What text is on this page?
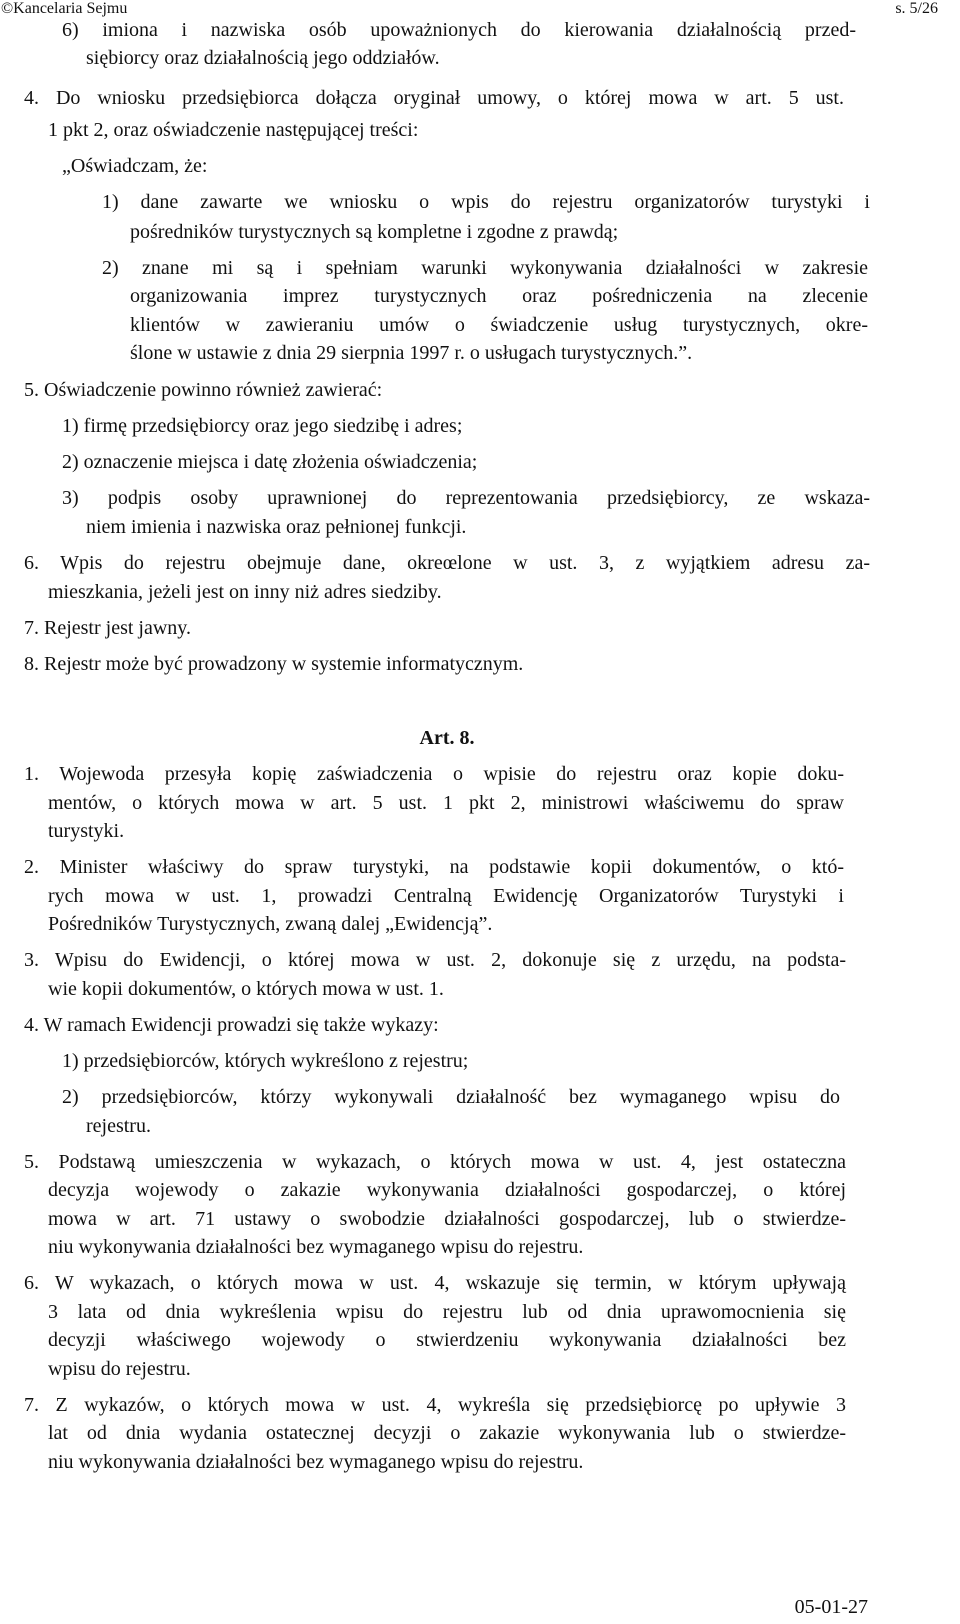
©Kancelaria Sejmu	s. 5/26
6) imiona i nazwiska osób upoważnionych do kierowania działalnością przed-
siębiorcy oraz działalnością jego oddziałów.
4. Do wniosku przedsiębiorca dołącza oryginał umowy, o której mowa w art. 5 ust.
1 pkt 2, oraz oświadczenie następującej treści:
„Oświadczam, że:
1) dane zawarte we wniosku o wpis do rejestru organizatorów turystyki i
pośredników turystycznych są kompletne i zgodne z prawdą;
2) znane mi są i spełniam warunki wykonywania działalności w zakresie
organizowania imprez turystycznych oraz pośredniczenia na zlecenie
klientów w zawieraniu umów o świadczenie usług turystycznych, okre-
ślone w ustawie z dnia 29 sierpnia 1997 r. o usługach turystycznych.”.
5. Oświadczenie powinno również zawierać:
1) firmę przedsiębiorcy oraz jego siedzibę i adres;
2) oznaczenie miejsca i datę złożenia oświadczenia;
3) podpis osoby uprawnionej do reprezentowania przedsiębiorcy, ze wskaza-
niem imienia i nazwiska oraz pełnionej funkcji.
6. Wpis do rejestru obejmuje dane, okreœlone w ust. 3, z wyjątkiem adresu za-
mieszkania, jeżeli jest on inny niż adres siedziby.
7. Rejestr jest jawny.
8. Rejestr może być prowadzony w systemie informatycznym.
Art. 8.
1. Wojewoda przesyła kopię zaświadczenia o wpisie do rejestru oraz kopie doku-
mentów, o których mowa w art. 5 ust. 1 pkt 2, ministrowi właściwemu do spraw
turystyki.
2. Minister właściwy do spraw turystyki, na podstawie kopii dokumentów, o któ-
rych mowa w ust. 1, prowadzi Centralną Ewidencję Organizatorów Turystyki i
Pośredników Turystycznych, zwaną dalej „Ewidencją”.
3. Wpisu do Ewidencji, o której mowa w ust. 2, dokonuje się z urzędu, na podsta-
wie kopii dokumentów, o których mowa w ust. 1.
4. W ramach Ewidencji prowadzi się także wykazy:
1) przedsiębiorców, których wykreślono z rejestru;
2) przedsiębiorców, którzy wykonywali działalność bez wymaganego wpisu do
rejestru.
5. Podstawą umieszczenia w wykazach, o których mowa w ust. 4, jest ostateczna
decyzja wojewody o zakazie wykonywania działalności gospodarczej, o której
mowa w art. 71 ustawy o swobodzie działalności gospodarczej, lub o stwierdze-
niu wykonywania działalności bez wymaganego wpisu do rejestru.
6. W wykazach, o których mowa w ust. 4, wskazuje się termin, w którym upływają
3 lata od dnia wykreślenia wpisu do rejestru lub od dnia uprawomocnienia się
decyzji właściwego wojewody o stwierdzeniu wykonywania działalności bez
wpisu do rejestru.
7. Z wykazów, o których mowa w ust. 4, wykreśla się przedsiębiorcę po upływie 3
lat od dnia wydania ostatecznej decyzji o zakazie wykonywania lub o stwierdze-
niu wykonywania działalności bez wymaganego wpisu do rejestru.
05-01-27
